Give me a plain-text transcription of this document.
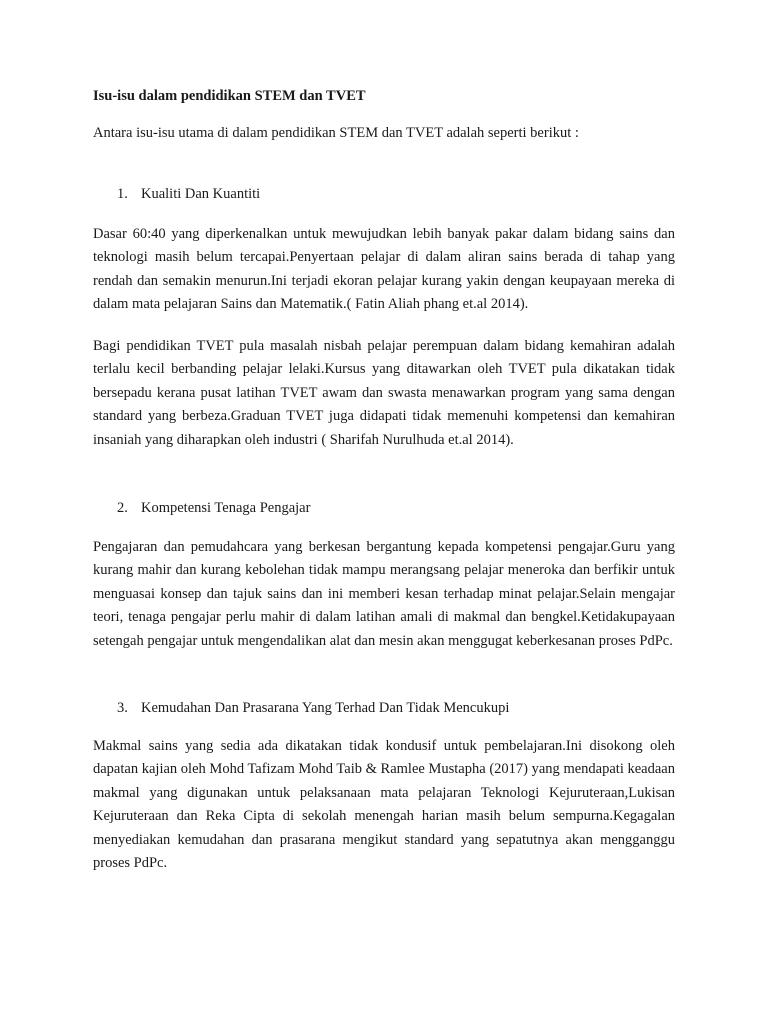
Isu-isu dalam pendidikan STEM dan TVET
Antara isu-isu utama di dalam pendidikan STEM dan TVET adalah seperti berikut :
1. Kualiti Dan Kuantiti
Dasar 60:40 yang diperkenalkan untuk mewujudkan lebih banyak pakar dalam bidang sains dan teknologi masih belum tercapai.Penyertaan pelajar di dalam aliran sains berada di tahap yang rendah dan semakin menurun.Ini terjadi ekoran pelajar kurang yakin dengan keupayaan mereka di dalam mata pelajaran Sains dan Matematik.( Fatin Aliah phang et.al 2014).
Bagi pendidikan TVET pula masalah nisbah pelajar perempuan dalam bidang kemahiran adalah terlalu kecil berbanding pelajar lelaki.Kursus yang ditawarkan oleh TVET pula dikatakan tidak bersepadu kerana pusat latihan TVET awam dan swasta menawarkan program yang sama dengan standard yang berbeza.Graduan TVET juga didapati tidak memenuhi kompetensi dan kemahiran insaniah yang diharapkan oleh industri ( Sharifah Nurulhuda et.al 2014).
2. Kompetensi Tenaga Pengajar
Pengajaran dan pemudahcara yang berkesan bergantung kepada kompetensi pengajar.Guru yang kurang mahir dan kurang kebolehan tidak mampu merangsang pelajar meneroka dan berfikir untuk menguasai konsep dan tajuk sains dan ini memberi kesan terhadap minat pelajar.Selain mengajar teori, tenaga pengajar perlu mahir di dalam latihan amali di makmal dan bengkel.Ketidakupayaan setengah pengajar untuk mengendalikan alat dan mesin akan menggugat keberkesanan proses PdPc.
3. Kemudahan Dan Prasarana Yang Terhad Dan Tidak Mencukupi
Makmal sains yang sedia ada dikatakan tidak kondusif untuk pembelajaran.Ini disokong oleh dapatan kajian oleh Mohd Tafizam Mohd Taib & Ramlee Mustapha (2017) yang mendapati keadaan makmal yang digunakan untuk pelaksanaan mata pelajaran Teknologi Kejuruteraan,Lukisan Kejuruteraan dan Reka Cipta di sekolah menengah harian masih belum sempurna.Kegagalan menyediakan kemudahan dan prasarana mengikut standard yang sepatutnya akan mengganggu proses PdPc.
